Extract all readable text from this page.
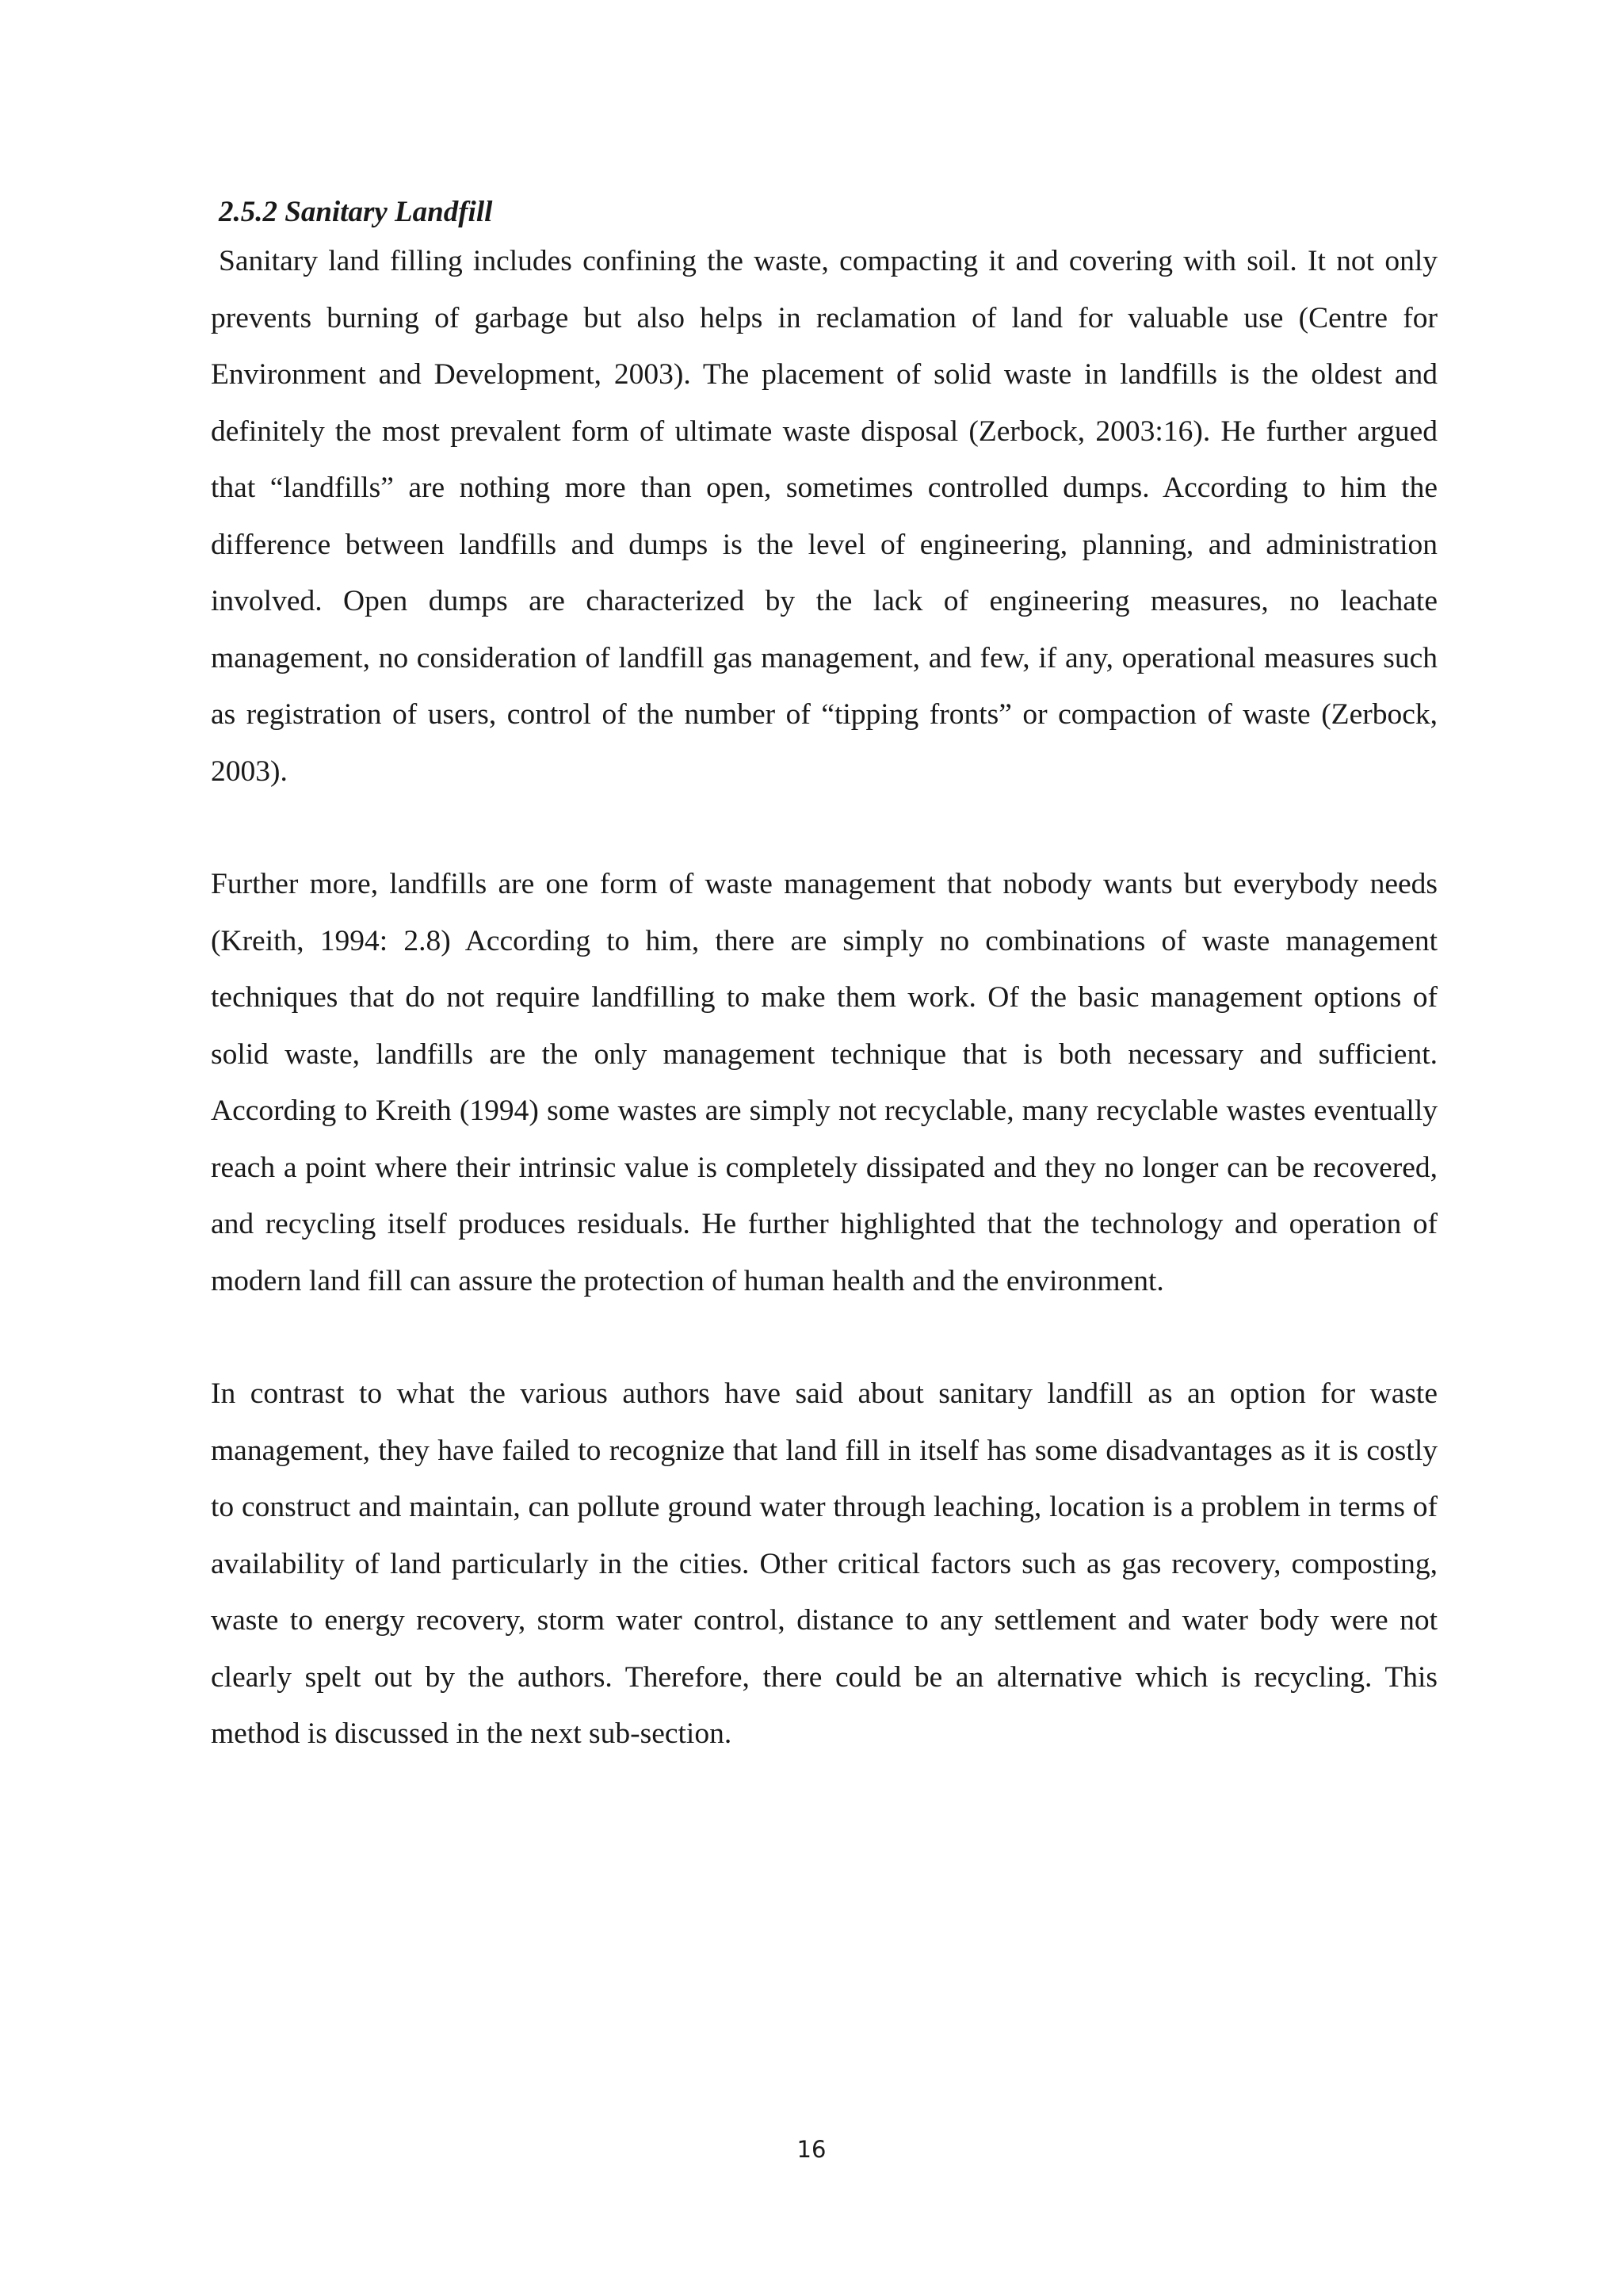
2.5.2 Sanitary Landfill

Sanitary land filling includes confining the waste, compacting it and covering with soil. It not only prevents burning of garbage but also helps in reclamation of land for valuable use (Centre for Environment and Development, 2003). The placement of solid waste in landfills is the oldest and definitely the most prevalent form of ultimate waste disposal (Zerbock, 2003:16). He further argued that “landfills” are nothing more than open, sometimes controlled dumps. According to him the difference between landfills and dumps is the level of engineering, planning, and administration involved. Open dumps are characterized by the lack of engineering measures, no leachate management, no consideration of landfill gas management, and few, if any, operational measures such as registration of users, control of the number of “tipping fronts” or compaction of waste (Zerbock, 2003).

Further more, landfills are one form of waste management that nobody wants but everybody needs (Kreith, 1994: 2.8) According to him, there are simply no combinations of waste management techniques that do not require landfilling to make them work. Of the basic management options of solid waste, landfills are the only management technique that is both necessary and sufficient. According to Kreith (1994) some wastes are simply not recyclable, many recyclable wastes eventually reach a point where their intrinsic value is completely dissipated and they no longer can be recovered, and recycling itself produces residuals. He further highlighted that the technology and operation of modern land fill can assure the protection of human health and the environment.

In contrast to what the various authors have said about sanitary landfill as an option for waste management, they have failed to recognize that land fill in itself has some disadvantages as it is costly to construct and maintain, can pollute ground water through leaching, location is a problem in terms of availability of land particularly in the cities. Other critical factors such as gas recovery, composting, waste to energy recovery, storm water control, distance to any settlement and water body were not clearly spelt out by the authors. Therefore, there could be an alternative which is recycling. This method is discussed in the next sub-section.

16
